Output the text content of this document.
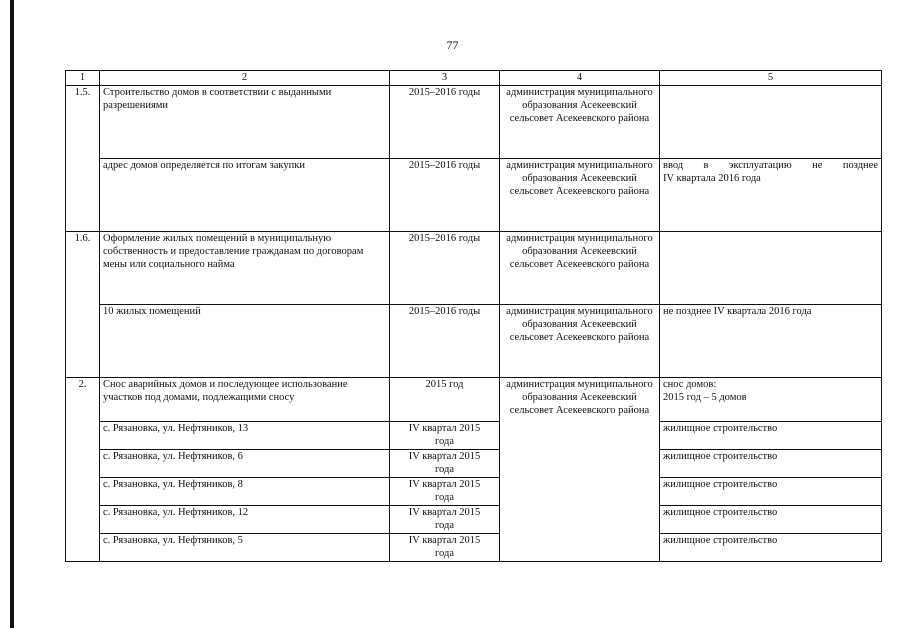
77
1	2	3	4	5
1.5.	Строительство домов в соответствии с выданными разрешениями	2015–2016 годы	администрация муниципального образования Асекеевский сельсовет Асекеевского района	
	адрес домов определяется по итогам закупки	2015–2016 годы	администрация муниципального образования Асекеевский сельсовет Асекеевского района	ввод в эксплуатацию не позднее
IV квартала 2016 года

1.6.	Оформление жилых помещений в муниципальную собственность и предоставление гражданам по договорам мены или социального найма	2015–2016 годы	администрация муниципального образования Асекеевский сельсовет Асекеевского района	
	10 жилых помещений	2015–2016 годы	администрация муниципального образования Асекеевский сельсовет Асекеевского района	не позднее IV квартала 2016 года
2.	Снос аварийных домов и последующее использование участков под домами, подлежащими сносу	2015 год	администрация муниципального образования Асекеевский сельсовет Асекеевского района	снос домов:
2015 год – 5 домов

	с. Рязановка, ул. Нефтяников, 13	IV квартал 2015 года		жилищное строительство
	с. Рязановка, ул. Нефтяников, 6	IV квартал 2015 года		жилищное строительство
	с. Рязановка, ул. Нефтяников, 8	IV квартал 2015 года		жилищное строительство
	с. Рязановка, ул. Нефтяников, 12	IV квартал 2015 года		жилищное строительство
	с. Рязановка, ул. Нефтяников, 5	IV квартал 2015 года		жилищное строительство
